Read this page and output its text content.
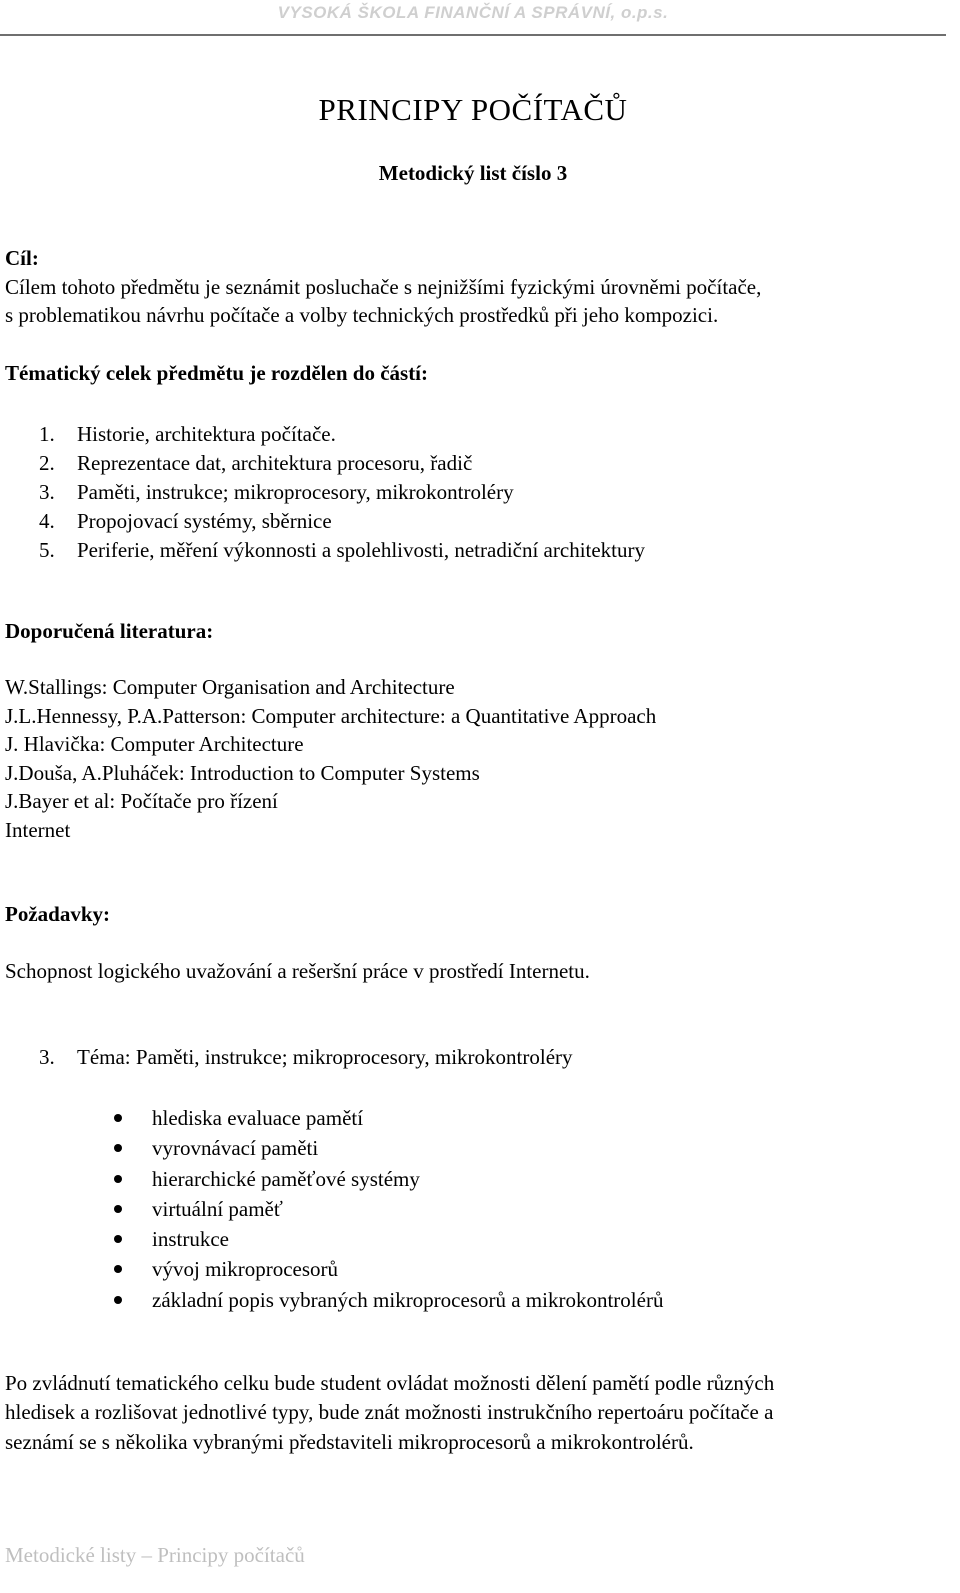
VYSOKÁ ŠKOLA FINANČNÍ A SPRÁVNÍ, o.p.s.
PRINCIPY POČÍTAČŮ
Metodický list číslo 3
Cíl:
Cílem tohoto předmětu je seznámit posluchače s nejnižšími fyzickými úrovněmi počítače,
s problematikou návrhu počítače a volby technických prostředků při jeho kompozici.
Tématický celek předmětu je rozdělen do částí:
1. Historie, architektura počítače.
2. Reprezentace dat, architektura procesoru, řadič
3. Paměti, instrukce; mikroprocesory, mikrokontroléry
4. Propojovací systémy, sběrnice
5. Periferie, měření výkonnosti a spolehlivosti, netradiční architektury
Doporučená literatura:
W.Stallings: Computer Organisation and Architecture
J.L.Hennessy, P.A.Patterson: Computer architecture: a Quantitative Approach
J. Hlavička: Computer Architecture
J.Douša, A.Pluháček: Introduction to Computer Systems
J.Bayer et al: Počítače pro řízení
Internet
Požadavky:
Schopnost logického uvažování a rešeršní práce v prostředí Internetu.
3. Téma: Paměti, instrukce; mikroprocesory, mikrokontroléry
hlediska evaluace pamětí
vyrovnávací paměti
hierarchické paměťové systémy
virtuální paměť
instrukce
vývoj mikroprocesorů
základní popis vybraných mikroprocesorů a mikrokontrolérů
Po zvládnutí tematického celku bude student ovládat možnosti dělení pamětí podle různých
hledisek a rozlišovat jednotlivé typy, bude znát možnosti instrukčního repertoáru počítače a
seznámí se s několika vybranými představiteli mikroprocesorů a mikrokontrolérů.
Metodické listy – Principy počítačů
